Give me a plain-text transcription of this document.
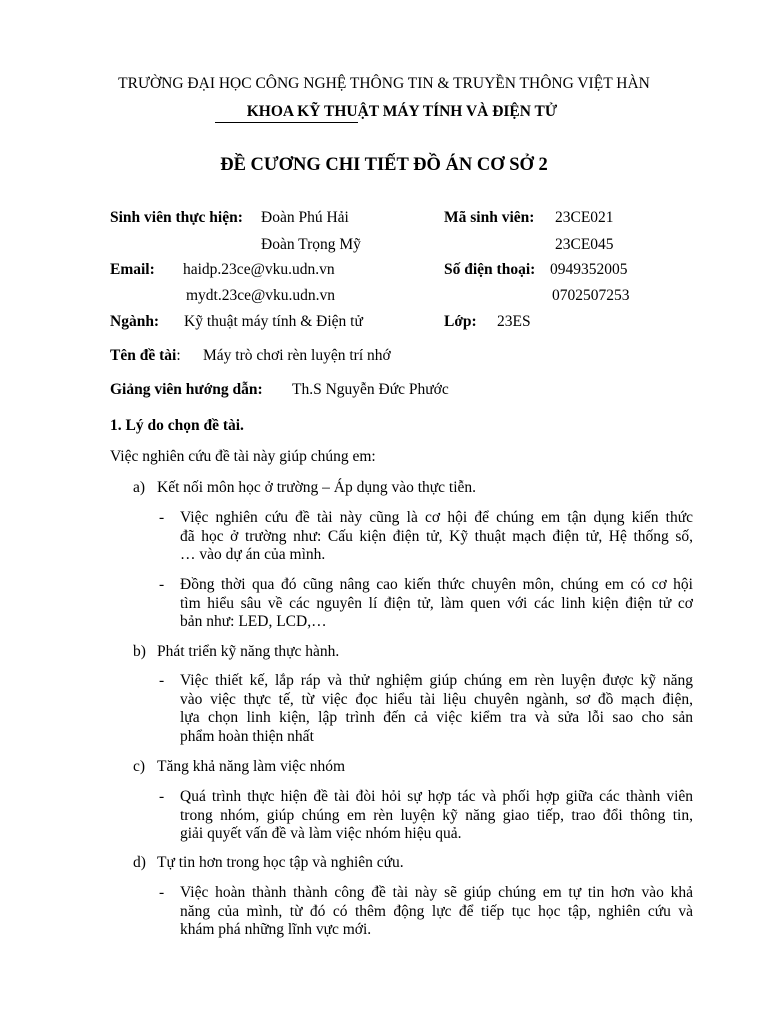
TRƯỜNG ĐẠI HỌC CÔNG NGHỆ THÔNG TIN & TRUYỀN THÔNG VIỆT HÀN
KHOA KỸ THUẬT MÁY TÍNH VÀ ĐIỆN TỬ
ĐỀ CƯƠNG CHI TIẾT ĐỒ ÁN CƠ SỞ 2
Sinh viên thực hiện: Đoàn Phú Hải
Đoàn Trọng Mỹ
Mã sinh viên: 23CE021
23CE045
Email: haidp.23ce@vku.udn.vn
mydt.23ce@vku.udn.vn
Số điện thoại: 0949352005
0702507253
Ngành: Kỹ thuật máy tính & Điện tử	Lớp: 23ES
Tên đề tài: Máy trò chơi rèn luyện trí nhớ
Giảng viên hướng dẫn: Th.S Nguyễn Đức Phước
1. Lý do chọn đề tài.
Việc nghiên cứu đề tài này giúp chúng em:
a) Kết nối môn học ở trường – Áp dụng vào thực tiễn.
- Việc nghiên cứu đề tài này cũng là cơ hội để chúng em tận dụng kiến thức
đã học ở trường như: Cấu kiện điện tử, Kỹ thuật mạch điện tử, Hệ thống số,
… vào dự án của mình.
- Đồng thời qua đó cũng nâng cao kiến thức chuyên môn, chúng em có cơ hội
tìm hiểu sâu về các nguyên lí điện tử, làm quen với các linh kiện điện tử cơ
bản như: LED, LCD,…
b) Phát triển kỹ năng thực hành.
- Việc thiết kế, lắp ráp và thử nghiệm giúp chúng em rèn luyện được kỹ năng
vào việc thực tế, từ việc đọc hiểu tài liệu chuyên ngành, sơ đồ mạch điện,
lựa chọn linh kiện, lập trình đến cả việc kiểm tra và sửa lỗi sao cho sản
phẩm hoàn thiện nhất
c) Tăng khả năng làm việc nhóm
- Quá trình thực hiện đề tài đòi hỏi sự hợp tác và phối hợp giữa các thành viên
trong nhóm, giúp chúng em rèn luyện kỹ năng giao tiếp, trao đổi thông tin,
giải quyết vấn đề và làm việc nhóm hiệu quả.
d) Tự tin hơn trong học tập và nghiên cứu.
- Việc hoàn thành thành công đề tài này sẽ giúp chúng em tự tin hơn vào khả
năng của mình, từ đó có thêm động lực để tiếp tục học tập, nghiên cứu và
khám phá những lĩnh vực mới.
